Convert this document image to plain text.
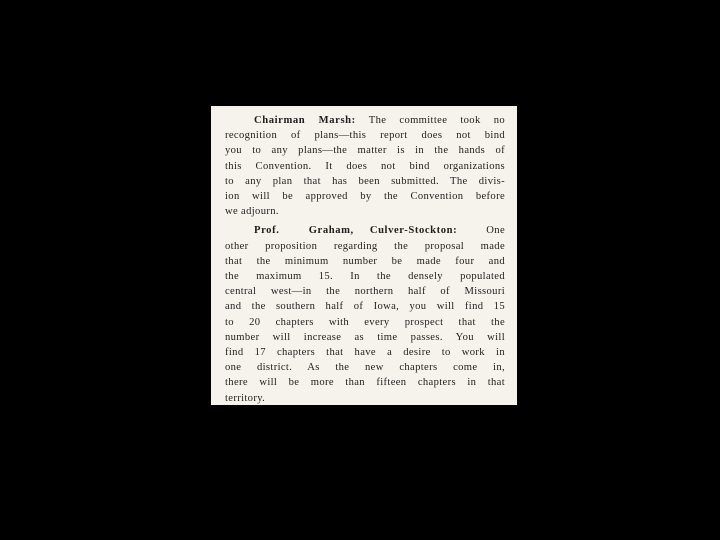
Chairman Marsh: The committee took no
recognition of plans—this report does not bind
you to any plans—the matter is in the hands of
this Convention. It does not bind organizations
to any plan that has been submitted. The divis-
ion will be approved by the Convention before
we adjourn.
Prof. Graham, Culver-Stockton:	One
other proposition regarding the proposal made
that the minimum number be made four and
the maximum 15. In the densely populated
central west—in the northern half of Missouri
and the southern half of Iowa, you will find 15
to 20 chapters with every prospect that the
number will increase as time passes. You will
find 17 chapters that have a desire to work in
one district. As the new chapters come in,
there will be more than fifteen chapters in that
territory.
